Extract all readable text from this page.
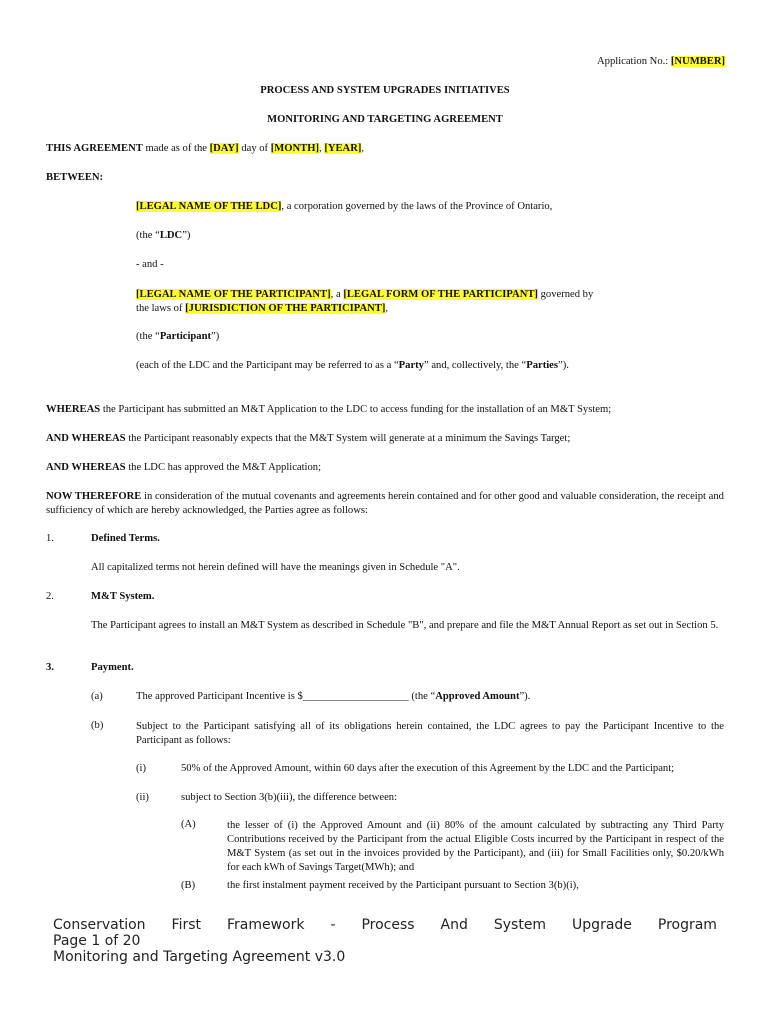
Application No.: [NUMBER]
PROCESS AND SYSTEM UPGRADES INITIATIVES
MONITORING AND TARGETING AGREEMENT
THIS AGREEMENT made as of the [DAY] day of [MONTH], [YEAR],
BETWEEN:
[LEGAL NAME OF THE LDC], a corporation governed by the laws of the Province of Ontario,
(the “LDC”)
- and -
[LEGAL NAME OF THE PARTICIPANT], a [LEGAL FORM OF THE PARTICIPANT] governed by
the laws of [JURISDICTION OF THE PARTICIPANT],
(the “Participant”)
(each of the LDC and the Participant may be referred to as a “Party” and, collectively, the “Parties”).
WHEREAS the Participant has submitted an M&T Application to the LDC to access funding for the installation of an M&T System;
AND WHEREAS the Participant reasonably expects that the M&T System will generate at a minimum the Savings Target;
AND WHEREAS the LDC has approved the M&T Application;
NOW THEREFORE in consideration of the mutual covenants and agreements herein contained and for other good and valuable consideration, the receipt and sufficiency of which are hereby acknowledged, the Parties agree as follows:
1.	Defined Terms.
All capitalized terms not herein defined will have the meanings given in Schedule "A".
2.	M&T System.
The Participant agrees to install an M&T System as described in Schedule "B", and prepare and file the M&T Annual Report as set out in Section 5.
3.	Payment.
(a)	The approved Participant Incentive is $____________________ (the “Approved Amount”).
(b)	Subject to the Participant satisfying all of its obligations herein contained, the LDC agrees to pay the Participant Incentive to the Participant as follows:
(i)	50% of the Approved Amount, within 60 days after the execution of this Agreement by the LDC and the Participant;
(ii)	subject to Section 3(b)(iii), the difference between:
(A)	the lesser of (i) the Approved Amount and (ii) 80% of the amount calculated by subtracting any Third Party Contributions received by the Participant from the actual Eligible Costs incurred by the Participant in respect of the M&T System (as set out in the invoices provided by the Participant), and (iii) for Small Facilities only, $0.20/kWh for each kWh of Savings Target(MWh); and
(B)	the first instalment payment received by the Participant pursuant to Section 3(b)(i),
Conservation First Framework - Process And System Upgrade Program
Page 1 of 20
Monitoring and Targeting Agreement v3.0
